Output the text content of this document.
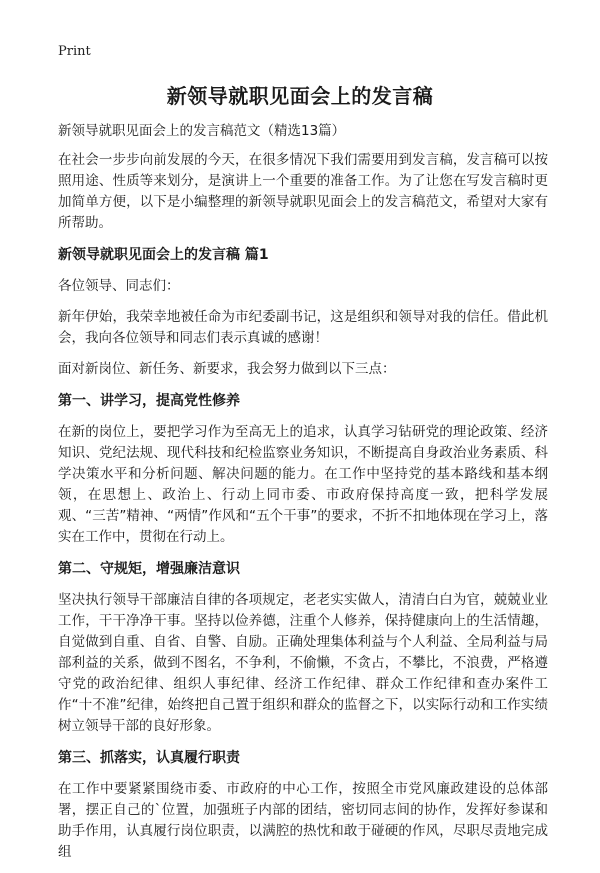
Print
新领导就职见面会上的发言稿
新领导就职见面会上的发言稿范文（精选13篇）

在社会一步步向前发展的今天，在很多情况下我们需要用到发言稿，发言稿可以按照用途、性质等来划分，是演讲上一个重要的准备工作。为了让您在写发言稿时更加简单方便，以下是小编整理的新领导就职见面会上的发言稿范文，希望对大家有所帮助。

新领导就职见面会上的发言稿 篇1

各位领导、同志们：

新年伊始，我荣幸地被任命为市纪委副书记，这是组织和领导对我的信任。借此机会，我向各位领导和同志们表示真诚的感谢！

面对新岗位、新任务、新要求，我会努力做到以下三点：

第一、讲学习，提高党性修养

在新的岗位上，要把学习作为至高无上的追求，认真学习钻研党的理论政策、经济知识、党纪法规、现代科技和纪检监察业务知识，不断提高自身政治业务素质、科学决策水平和分析问题、解决问题的能力。在工作中坚持党的基本路线和基本纲领，在思想上、政治上、行动上同市委、市政府保持高度一致，把科学发展观、“三苦”精神、“两情”作风和“五个干事”的要求，不折不扣地体现在学习上，落实在工作中，贯彻在行动上。

第二、守规矩，增强廉洁意识

坚决执行领导干部廉洁自律的各项规定，老老实实做人，清清白白为官，兢兢业业工作，干干净净干事。坚持以俭养德，注重个人修养，保持健康向上的生活情趣，自觉做到自重、自省、自警、自励。正确处理集体利益与个人利益、全局利益与局部利益的关系，做到不图名，不争利，不偷懒，不贪占，不攀比，不浪费，严格遵守党的政治纪律、组织人事纪律、经济工作纪律、群众工作纪律和查办案件工作“十不准”纪律，始终把自己置于组织和群众的监督之下，以实际行动和工作实绩树立领导干部的良好形象。

第三、抓落实，认真履行职责

在工作中要紧紧围绕市委、市政府的中心工作，按照全市党风廉政建设的总体部署，摆正自己的`位置，加强班子内部的团结，密切同志间的协作，发挥好参谋和助手作用，认真履行岗位职责，以满腔的热忱和敢于碰硬的作风，尽职尽责地完成组
